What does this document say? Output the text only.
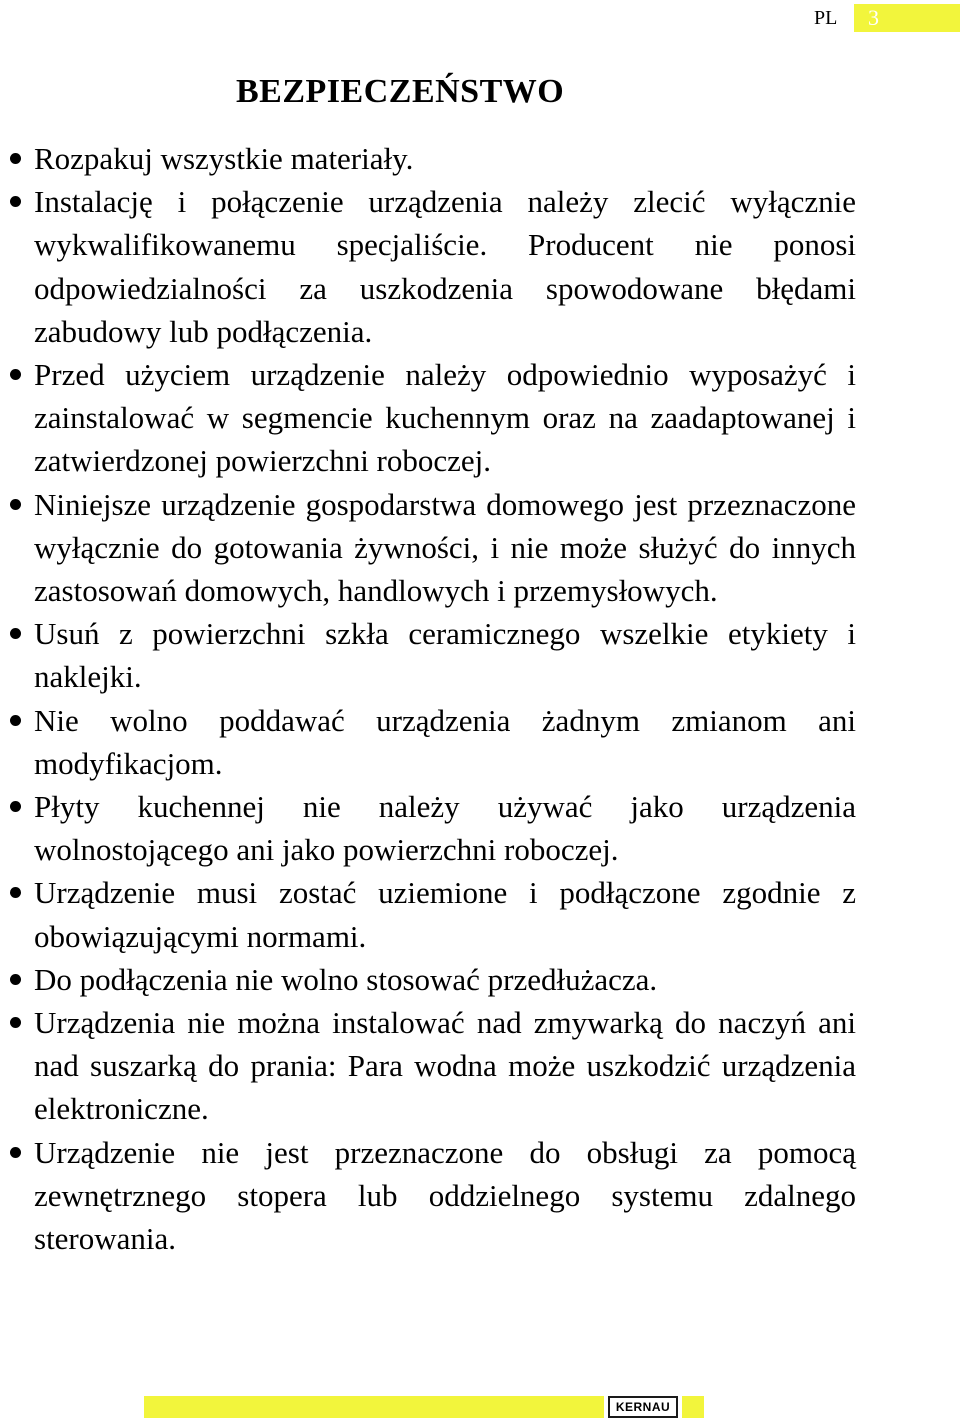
PL	3
BEZPIECZEŃSTWO
Rozpakuj wszystkie materiały.
Instalację i połączenie urządzenia należy zlecić wyłącznie wykwalifikowanemu specjaliście. Producent nie ponosi odpowiedzialności za uszkodzenia spowodowane błędami zabudowy lub podłączenia.
Przed użyciem urządzenie należy odpowiednio wyposażyć i zainstalować w segmencie kuchennym oraz na zaadaptowanej i zatwierdzonej powierzchni roboczej.
Niniejsze urządzenie gospodarstwa domowego jest przeznaczone wyłącznie do gotowania żywności, i nie może służyć do innych zastosowań domowych, handlowych i przemysłowych.
Usuń z powierzchni szkła ceramicznego wszelkie etykiety i naklejki.
Nie wolno poddawać urządzenia żadnym zmianom ani modyfikacjom.
Płyty kuchennej nie należy używać jako urządzenia wolnostojącego ani jako powierzchni roboczej.
Urządzenie musi zostać uziemione i podłączone zgodnie z obowiązującymi normami.
Do podłączenia nie wolno stosować przedłużacza.
Urządzenia nie można instalować nad zmywarką do naczyń ani nad suszarką do prania: Para wodna może uszkodzić urządzenia elektroniczne.
Urządzenie nie jest przeznaczone do obsługi za pomocą zewnętrznego stopera lub oddzielnego systemu zdalnego sterowania.
KERNAU
